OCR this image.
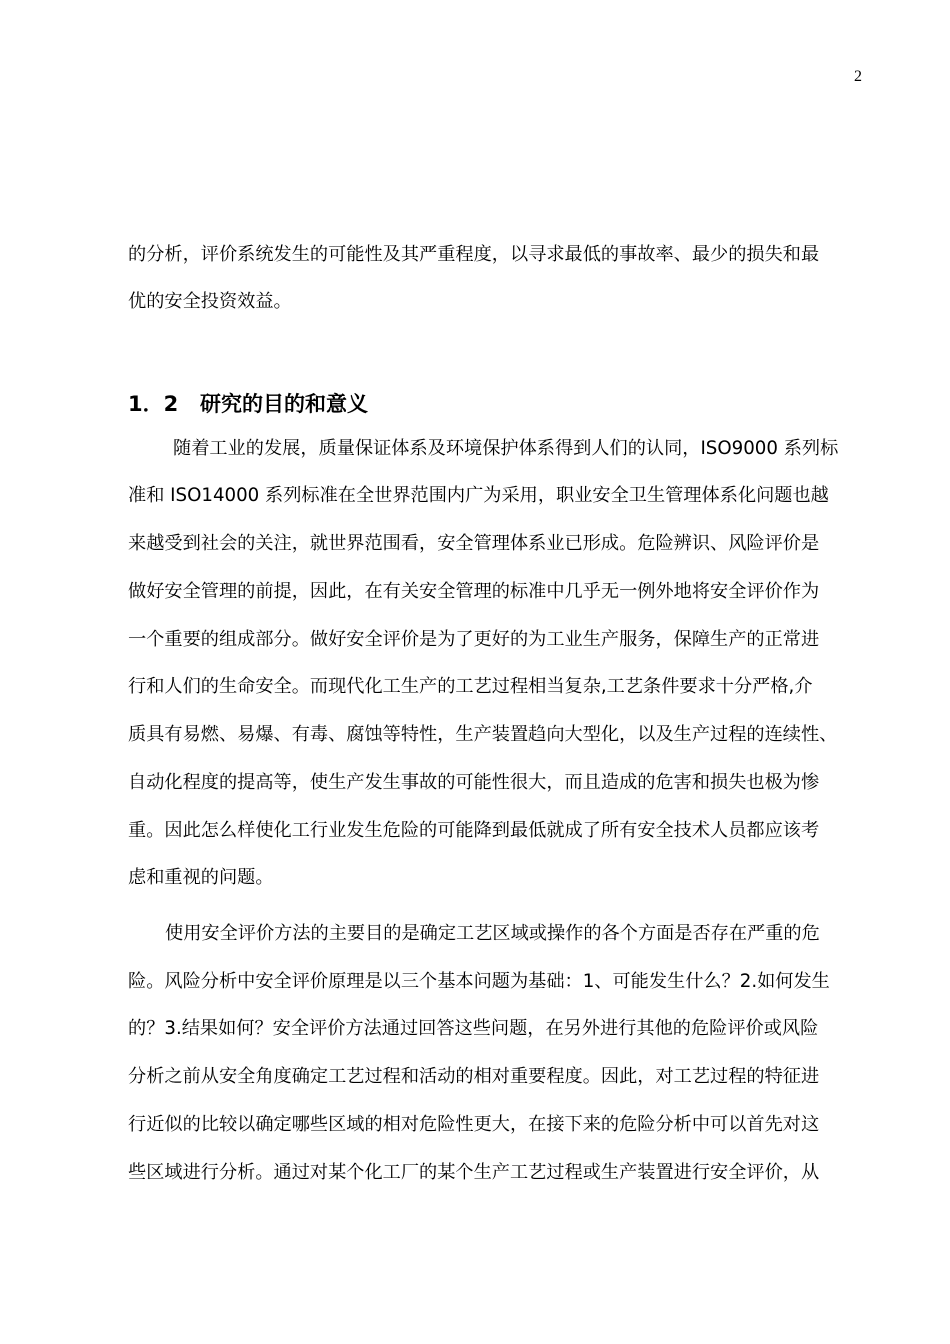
2
的分析，评价系统发生的可能性及其严重程度，以寻求最低的事故率、最少的损失和最
优的安全投资效益。
1．2 研究的目的和意义
随着工业的发展，质量保证体系及环境保护体系得到人们的认同，ISO9000 系列标
准和 ISO14000 系列标准在全世界范围内广为采用，职业安全卫生管理体系化问题也越
来越受到社会的关注，就世界范围看，安全管理体系业已形成。危险辨识、风险评价是
做好安全管理的前提，因此，在有关安全管理的标准中几乎无一例外地将安全评价作为
一个重要的组成部分。做好安全评价是为了更好的为工业生产服务，保障生产的正常进
行和人们的生命安全。而现代化工生产的工艺过程相当复杂,工艺条件要求十分严格,介
质具有易燃、易爆、有毒、腐蚀等特性，生产装置趋向大型化，以及生产过程的连续性、
自动化程度的提高等，使生产发生事故的可能性很大，而且造成的危害和损失也极为惨
重。因此怎么样使化工行业发生危险的可能降到最低就成了所有安全技术人员都应该考
虑和重视的问题。
使用安全评价方法的主要目的是确定工艺区域或操作的各个方面是否存在严重的危
险。风险分析中安全评价原理是以三个基本问题为基础：1、可能发生什么？2.如何发生
的？3.结果如何？安全评价方法通过回答这些问题，在另外进行其他的危险评价或风险
分析之前从安全角度确定工艺过程和活动的相对重要程度。因此，对工艺过程的特征进
行近似的比较以确定哪些区域的相对危险性更大，在接下来的危险分析中可以首先对这
些区域进行分析。通过对某个化工厂的某个生产工艺过程或生产装置进行安全评价，从
